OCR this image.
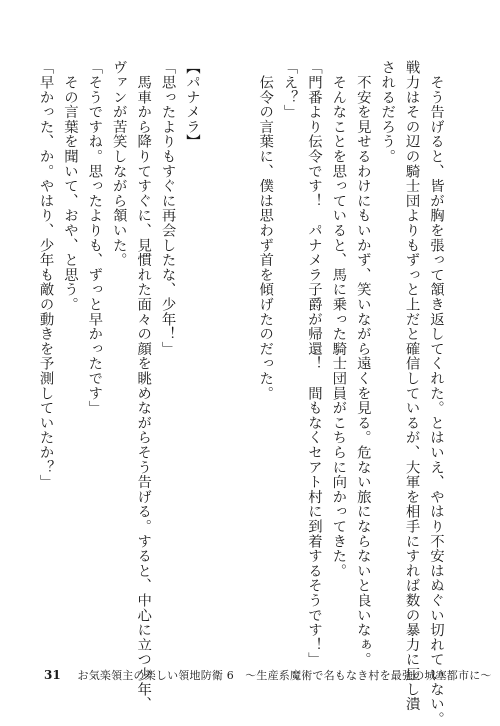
　そう告げると、皆が胸を張って頷き返してくれた。とはいえ、やはり不安はぬぐい切れていない。
戦力はその辺の騎士団よりもずっと上だと確信しているが、大軍を相手にすれば数の暴力に圧し潰
されるだろう。
　不安を見せるわけにもいかず、笑いながら遠くを見る。危ない旅にならないと良いなぁ。
　そんなことを思っていると、馬に乗った騎士団員がこちらに向かってきた。
「門番より伝令です！　パナメラ子爵が帰還！　間もなくセアト村に到着するそうです！」
「え？」
　伝令の言葉に、僕は思わず首を傾げたのだった。
【パナメラ】
「思ったよりもすぐに再会したな、少年！」
　馬車から降りてすぐに、見慣れた面々の顔を眺めながらそう告げる。すると、中心に立つ少年、
ヴァンが苦笑しながら頷いた。
「そうですね。思ったよりも、ずっと早かったです」
　その言葉を聞いて、おや、と思う。
「早かった、か。やはり、少年も敵の動きを予測していたか？」
31 お気楽領主の楽しい領地防衛 6　〜生産系魔術で名もなき村を最強の城塞都市に〜
